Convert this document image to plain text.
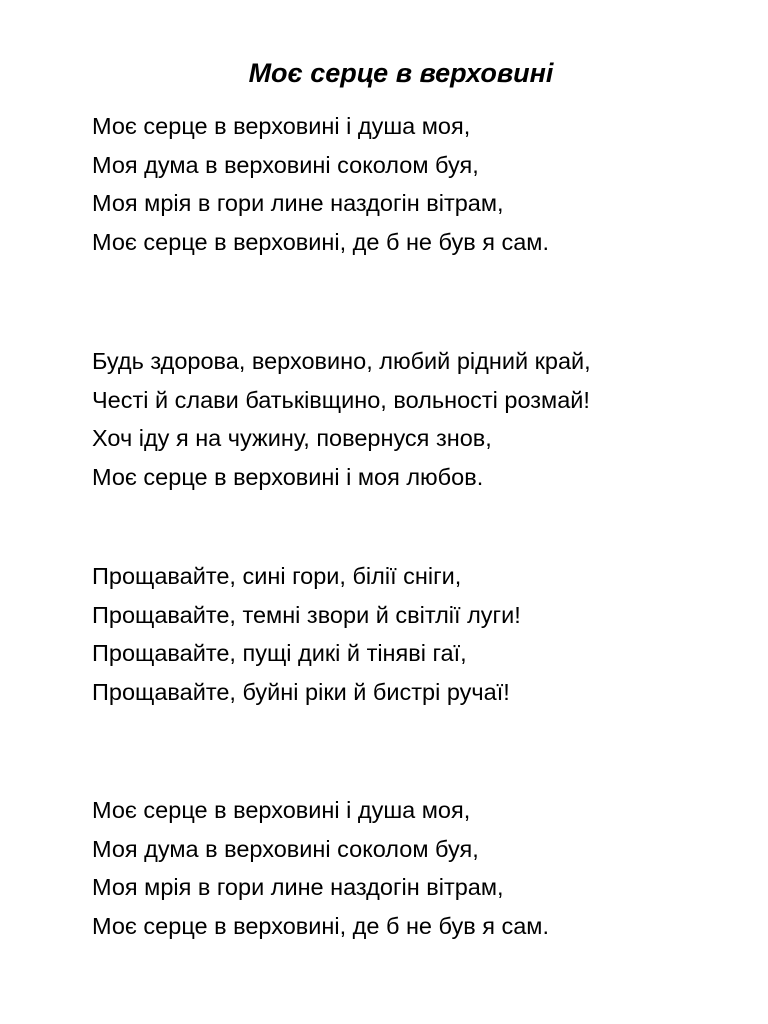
Моє серце в верховині
Моє серце в верховині і душа моя,
Моя дума в верховині соколом буя,
Моя мрія в гори лине наздогін вітрам,
Моє серце в верховині, де б не був я сам.
Будь здорова, верховино, любий рідний край,
Честі й слави батьківщино, вольності розмай!
Хоч іду я на чужину, повернуся знов,
Моє серце в верховині і моя любов.
Прощавайте, сині гори, білії сніги,
Прощавайте, темні звори й світлії луги!
Прощавайте, пущі дикі й тіняві гаї,
Прощавайте, буйні ріки й бистрі ручаї!
Моє серце в верховині і душа моя,
Моя дума в верховині соколом буя,
Моя мрія в гори лине наздогін вітрам,
Моє серце в верховині, де б не був я сам.
